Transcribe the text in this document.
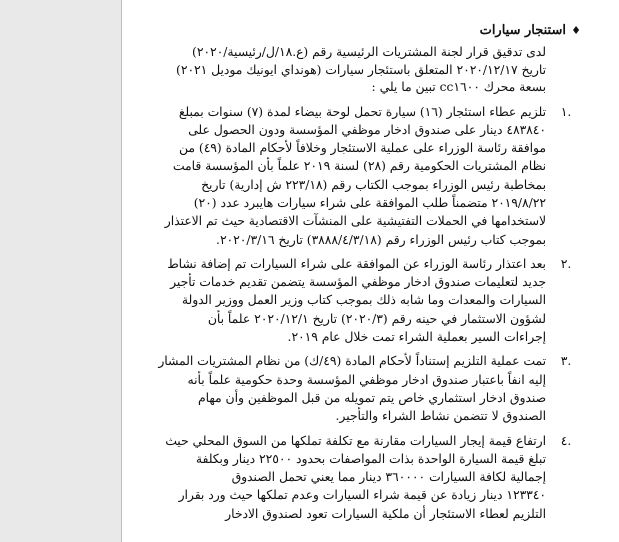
♦
استنجار سيارات

لدى تدقيق قرار لجنة المشتريات الرئيسية رقم (ع.١٨/ل/رئيسية/٢٠٢٠)
تاريخ ٢٠٢٠/١٢/١٧ المتعلق باستئجار سيارات (هونداي ايونيك موديل ٢٠٢١)
بسعة محرك cc١٦٠٠ تبين ما يلي :

.١
تلزيم عطاء استئجار (١٦) سيارة تحمل لوحة بيضاء لمدة (٧) سنوات بمبلغ
٤٨٣٨٤٠ دينار على صندوق ادخار موظفي المؤسسة ودون الحصول على
موافقة رئاسة الوزراء على عملية الاستئجار وخلافاً لأحكام المادة (٤٩) من
نظام المشتريات الحكومية رقم (٢٨) لسنة ٢٠١٩ علماً بأن المؤسسة قامت
بمخاطبة رئيس الوزراء بموجب الكتاب رقم (٢٢٣/١٨ ش إدارية) تاريخ
٢٠١٩/٨/٢٢ متضمناً طلب الموافقة على شراء سيارات هايبرد عدد (٢٠)
لاستخدامها في الحملات التفتيشية على المنشآت الاقتصادية حيث تم الاعتذار
بموجب كتاب رئيس الوزراء رقم (٣٨٨٨/٤/٣/١٨) تاريخ ٢٠٢٠/٣/١٦.
.٢
بعد اعتذار رئاسة الوزراء عن الموافقة على شراء السيارات تم إضافة نشاط
جديد لتعليمات صندوق ادخار موظفي المؤسسة يتضمن تقديم خدمات تأجير
السيارات والمعدات وما شابه ذلك بموجب كتاب وزير العمل ووزير الدولة
لشؤون الاستثمار في حينه رقم (٢٠٢٠/٣) تاريخ ٢٠٢٠/١٢/١ علماً بأن
إجراءات السير بعملية الشراء تمت خلال عام ٢٠١٩.
.٣
تمت عملية التلزيم إستناداً لأحكام المادة (٤٩/ك) من نظام المشتريات المشار
إليه انفاً باعتبار صندوق ادخار موظفي المؤسسة وحدة حكومية علماً بأنه
صندوق ادخار استثماري خاص يتم تمويله من قبل الموظفين وأن مهام
الصندوق لا تتضمن نشاط الشراء والتأجير.
.٤
ارتفاع قيمة إيجار السيارات مقارنة مع تكلفة تملكها من السوق المحلي حيث
تبلغ قيمة السيارة الواحدة بذات المواصفات بحدود ٢٢٥٠٠ دينار وبكلفة
إجمالية لكافة السيارات ٣٦٠٠٠٠ دينار مما يعني تحمل الصندوق
١٢٣٣٤٠ دينار زيادة عن قيمة شراء السيارات وعدم تملكها حيث ورد بقرار
التلزيم لعطاء الاستئجار أن ملكية السيارات تعود لصندوق الادخار
